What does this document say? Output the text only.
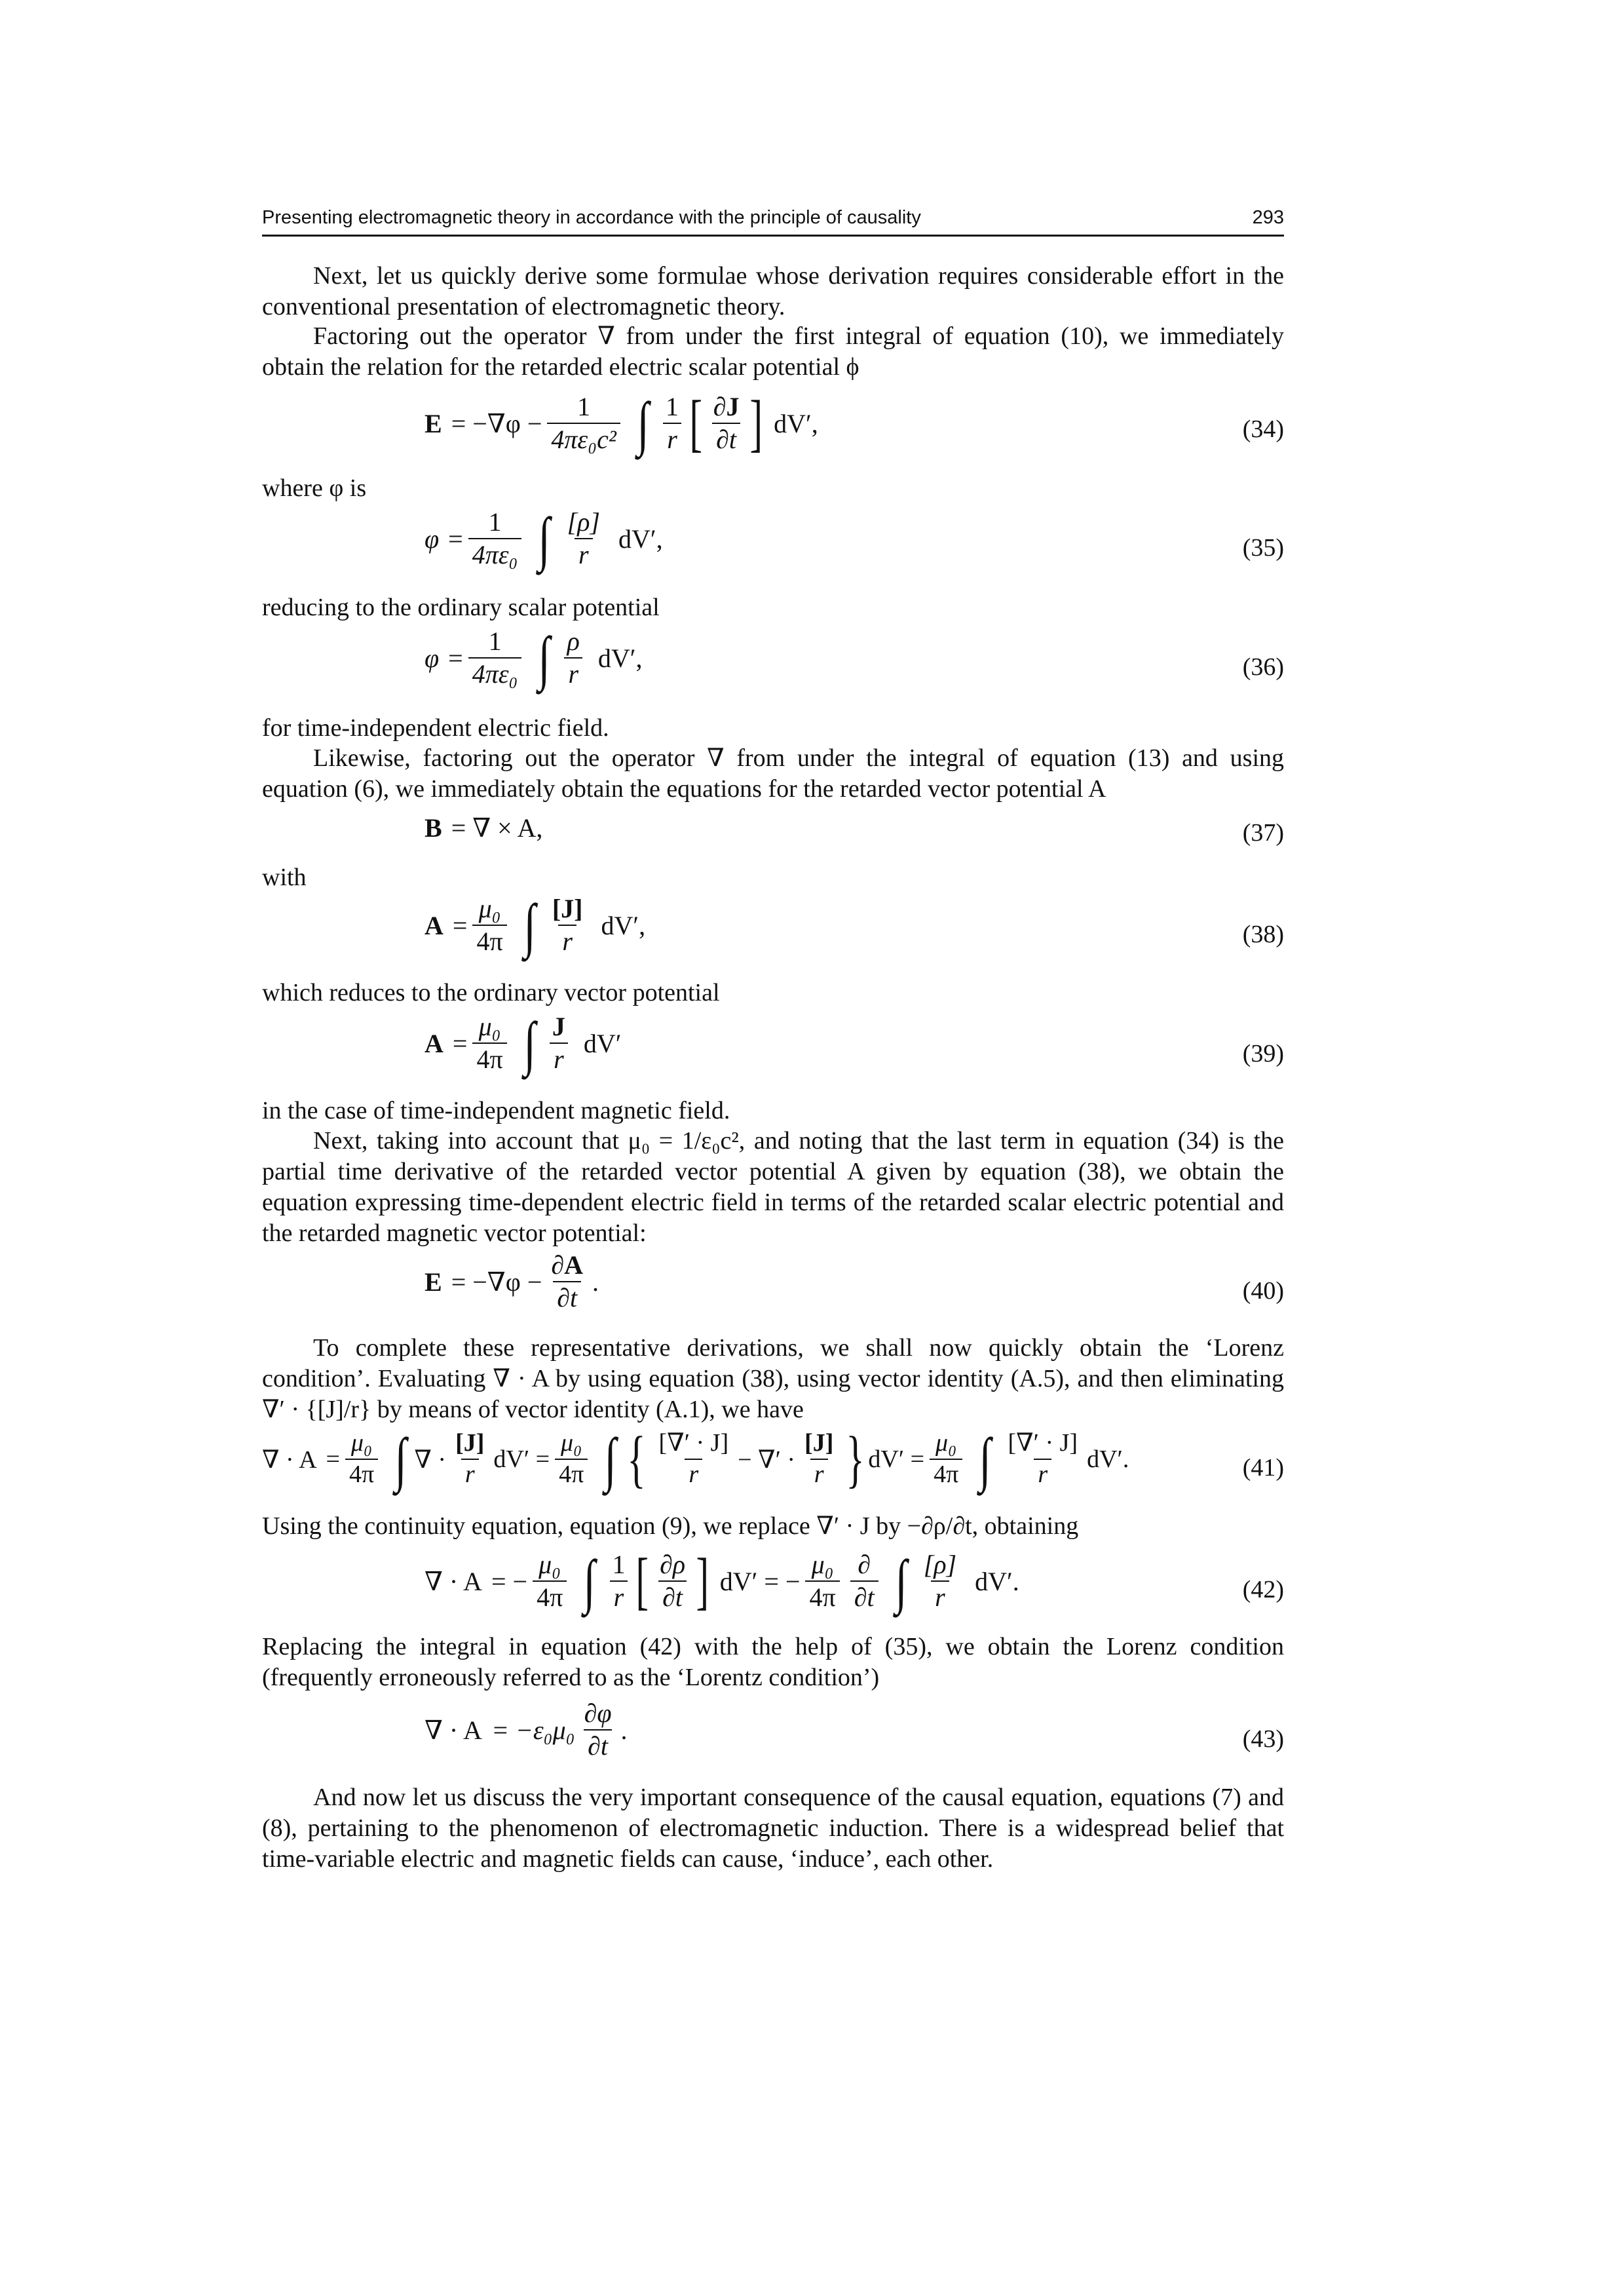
Presenting electromagnetic theory in accordance with the principle of causality	293

Next, let us quickly derive some formulae whose derivation requires considerable effort in the conventional presentation of electromagnetic theory.

Factoring out the operator ∇ from under the first integral of equation (10), we immediately obtain the relation for the retarded electric scalar potential ϕ

$E = -\nabla\varphi - \frac{1}{\text{4πε₀c²}}$ ∫ $\frac{1}{r}$ [ $\frac{\partial J}{\partial t}$ ] dV′,	(34)

where φ is

$\varphi = \frac{1}{\text{4πε₀}}$ ∫ $\frac{[\rho]}{r} dV'$,	(35)

reducing to the ordinary scalar potential

$\varphi = \frac{1}{\text{4πε₀}}$ ∫ $\frac{\rho}{r} dV'$,	(36)

for time-independent electric field.

Likewise, factoring out the operator ∇ from under the integral of equation (13) and using equation (6), we immediately obtain the equations for the retarded vector potential A

B = ∇ × A,	(37)

with

$A = \frac{\text{μ₀}}{4\pi}$ ∫ $\frac{[J]}{r} dV'$,	(38)

which reduces to the ordinary vector potential

$A = \frac{\text{μ₀}}{4\pi}$ ∫ $\frac{J}{r} dV'$	(39)

in the case of time-independent magnetic field.

Next, taking into account that μ₀ = 1/ε₀c², and noting that the last term in equation (34) is the partial time derivative of the retarded vector potential A given by equation (38), we obtain the equation expressing time-dependent electric field in terms of the retarded scalar electric potential and the retarded magnetic vector potential:

$E = -\nabla\varphi - \frac{\partial A}{\partial t}$ .	(40)

To complete these representative derivations, we shall now quickly obtain the ‘Lorenz condition’. Evaluating ∇ · A by using equation (38), using vector identity (A.5), and then eliminating ∇′ · {[J]/r} by means of vector identity (A.1), we have

∇ · $A = \frac{\text{μ₀}}{4\pi}$ ∫ ∇ · $\frac{[J]}{r} dV' = \frac{\text{μ₀}}{4\pi}$ ∫ { $\frac{[\nabla' \cdot J]}{r}$ − ∇′ · $\frac{[J]}{r}$ } $dV' = \frac{\text{μ₀}}{4\pi}$ ∫ $\frac{[\nabla' \cdot J]}{r} dV'$.	(41)

Using the continuity equation, equation (9), we replace ∇′ · J by −∂ρ/∂t, obtaining

∇ · A = − $\frac{\text{μ₀}}{4\pi}$ ∫ $\frac{1}{r}$ [ $\frac{\partial\rho}{\partial t}$ ] dV′ = − $\frac{\text{μ₀}}{4\pi} \frac{\partial}{\partial t}$ ∫ $\frac{[\rho]}{r} dV'$.	(42)

Replacing the integral in equation (42) with the help of (35), we obtain the Lorenz condition (frequently erroneously referred to as the ‘Lorentz condition’)

∇ · $A = -\varepsilon_0\mu_0 \frac{\partial\varphi}{\partial t}$ .	(43)

And now let us discuss the very important consequence of the causal equation, equations (7) and (8), pertaining to the phenomenon of electromagnetic induction. There is a widespread belief that time-variable electric and magnetic fields can cause, ‘induce’, each other.
